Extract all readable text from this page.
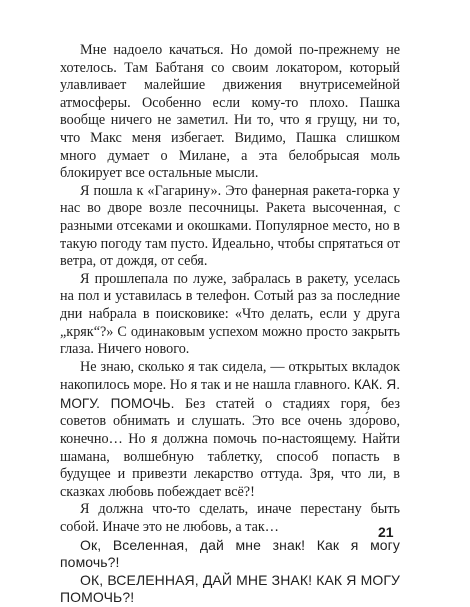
Мне надоело качаться. Но домой по-прежнему не хотелось. Там Бабтаня со своим локатором, который улавливает малейшие движения внутрисемейной атмосферы. Особенно если кому-то плохо. Пашка вообще ничего не заметил. Ни то, что я грущу, ни то, что Макс меня избегает. Видимо, Пашка слишком много думает о Милане, а эта белобрысая моль блокирует все остальные мысли.

Я пошла к «Гагарину». Это фанерная ракета-горка у нас во дворе возле песочницы. Ракета высоченная, с разными отсеками и окошками. Популярное место, но в такую погоду там пусто. Идеально, чтобы спрятаться от ветра, от дождя, от себя.

Я прошлепала по луже, забралась в ракету, уселась на пол и уставилась в телефон. Сотый раз за последние дни набрала в поисковике: «Что делать, если у друга „кряк“?» С одинаковым успехом можно просто закрыть глаза. Ничего нового.

Не знаю, сколько я так сидела, — открытых вкладок накопилось море. Но я так и не нашла главного. КАК. Я. МОГУ. ПОМОЧЬ. Без статей о стадиях горя, без советов обнимать и слушать. Это все очень здо́рово, конечно… Но я должна помочь по-настоящему. Найти шамана, волшебную таблетку, способ попасть в будущее и привезти лекарство оттуда. Зря, что ли, в сказках любовь побеждает всё?!

Я должна что-то сделать, иначе перестану быть собой. Иначе это не любовь, а так…

Ок, Вселенная, дай мне знак! Как я могу помочь?!

ОК, ВСЕЛЕННАЯ, ДАЙ МНЕ ЗНАК! КАК Я МОГУ ПОМОЧЬ?!

21
